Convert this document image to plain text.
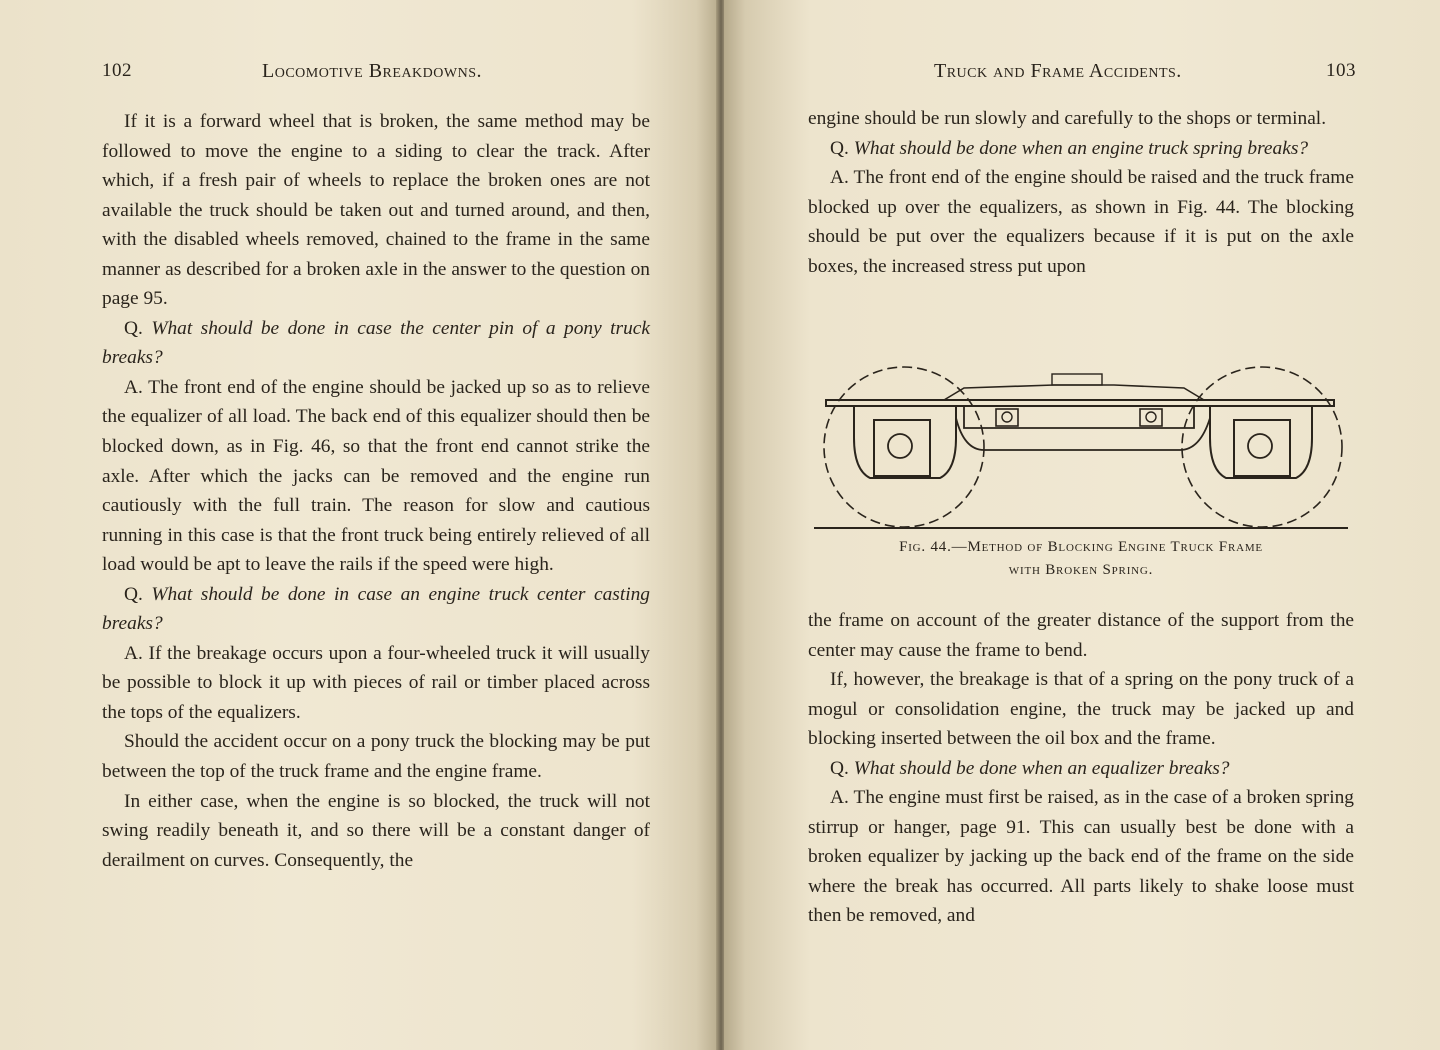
102	Locomotive Breakdowns.

If it is a forward wheel that is broken, the same method may be followed to move the engine to a siding to clear the track. After which, if a fresh pair of wheels to replace the broken ones are not available the truck should be taken out and turned around, and then, with the disabled wheels removed, chained to the frame in the same manner as described for a broken axle in the answer to the question on page 95.

Q. What should be done in case the center pin of a pony truck breaks?

A. The front end of the engine should be jacked up so as to relieve the equalizer of all load. The back end of this equalizer should then be blocked down, as in Fig. 46, so that the front end cannot strike the axle. After which the jacks can be removed and the engine run cautiously with the full train. The reason for slow and cautious running in this case is that the front truck being entirely relieved of all load would be apt to leave the rails if the speed were high.

Q. What should be done in case an engine truck center casting breaks?

A. If the breakage occurs upon a four-wheeled truck it will usually be possible to block it up with pieces of rail or timber placed across the tops of the equalizers.

Should the accident occur on a pony truck the blocking may be put between the top of the truck frame and the engine frame.

In either case, when the engine is so blocked, the truck will not swing readily beneath it, and so there will be a constant danger of derailment on curves. Consequently, the

Truck and Frame Accidents.	103

engine should be run slowly and carefully to the shops or terminal.

Q. What should be done when an engine truck spring breaks?

A. The front end of the engine should be raised and the truck frame blocked up over the equalizers, as shown in Fig. 44. The blocking should be put over the equalizers because if it is put on the axle boxes, the increased stress put upon

Fig. 44.—Method of Blocking Engine Truck Frame
with Broken Spring.

the frame on account of the greater distance of the support from the center may cause the frame to bend.

If, however, the breakage is that of a spring on the pony truck of a mogul or consolidation engine, the truck may be jacked up and blocking inserted between the oil box and the frame.

Q. What should be done when an equalizer breaks?

A. The engine must first be raised, as in the case of a broken spring stirrup or hanger, page 91. This can usually best be done with a broken equalizer by jacking up the back end of the frame on the side where the break has occurred. All parts likely to shake loose must then be removed, and
